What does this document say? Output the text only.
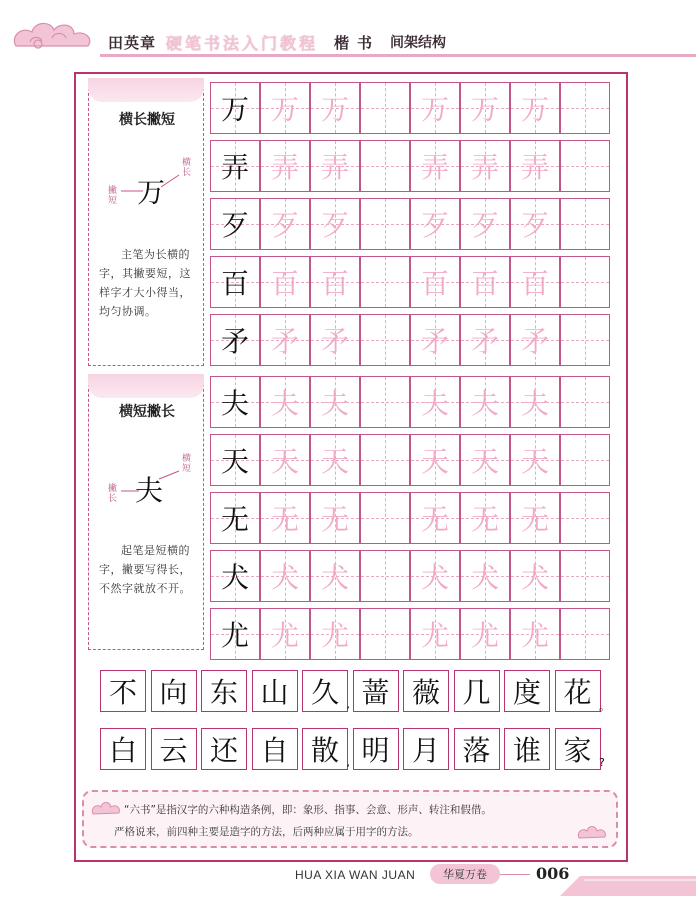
田英章 硬笔书法入门教程 楷书 间架结构
横长撇短
万
横长
撇短
主笔为长横的字，其撇要短，这样字才大小得当，均匀协调。
横短撇长
夫
横短
撇长
起笔是短横的字，撇要写得长，不然字就放不开。
万 万 万	万 万 万
弄 弄 弄	弄 弄 弄
歹 歹 歹	歹 歹 歹
百 百 百	百 百 百
矛 矛 矛	矛 矛 矛
夫 夫 夫	夫 夫 夫
天 天 天	天 天 天
无 无 无	无 无 无
犬 犬 犬	犬 犬 犬
尤 尤 尤	尤 尤 尤
不 向 东 山 久 蔷 薇 几 度 花
,	。
白 云 还 自 散 明 月 落 谁 家
,	?
“六书”是指汉字的六种构造条例，即：象形、指事、会意、形声、转注和假借。
严格说来，前四种主要是造字的方法，后两种应属于用字的方法。
HUA XIA WAN JUAN	华夏万卷	006
